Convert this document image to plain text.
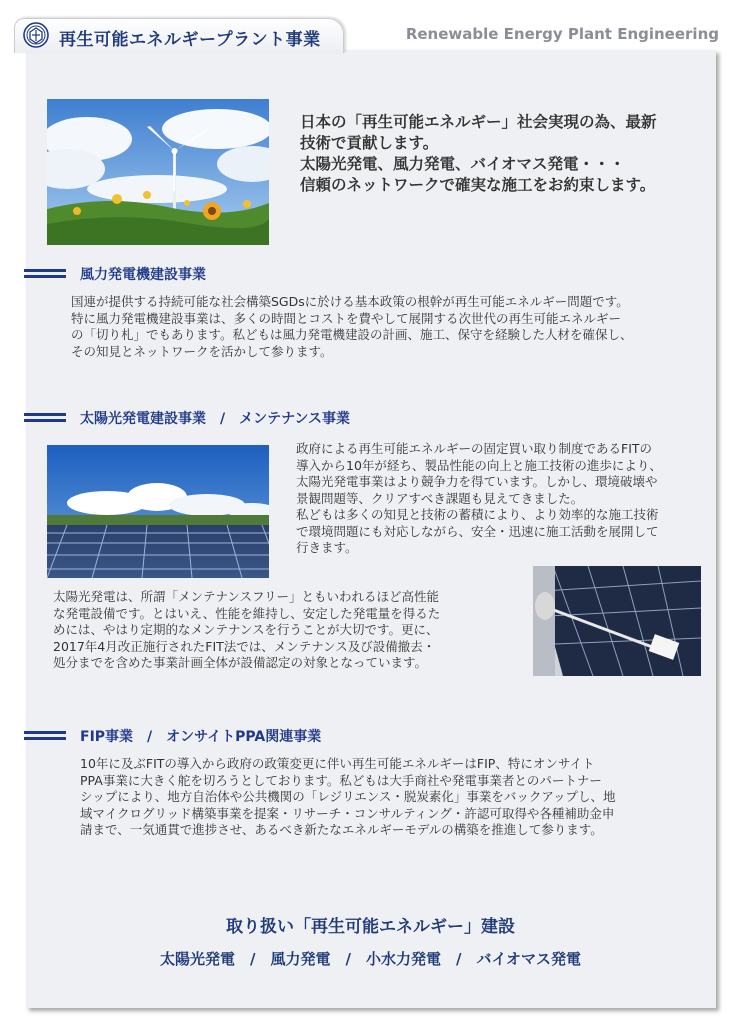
再生可能エネルギープラント事業	Renewable Energy Plant Engineering
日本の「再生可能エネルギー」社会実現の為、最新
技術で貢献します。
太陽光発電、風力発電、バイオマス発電・・・
信頼のネットワークで確実な施工をお約束します。
風力発電機建設事業
国連が提供する持続可能な社会構築SGDsに於ける基本政策の根幹が再生可能エネルギー問題です。
特に風力発電機建設事業は、多くの時間とコストを費やして展開する次世代の再生可能エネルギー
の「切り札」でもあります。私どもは風力発電機建設の計画、施工、保守を経験した人材を確保し、
その知見とネットワークを活かして参ります。
太陽光発電建設事業　/　メンテナンス事業
政府による再生可能エネルギーの固定買い取り制度であるFITの
導入から10年が経ち、製品性能の向上と施工技術の進歩により、
太陽光発電事業はより競争力を得ています。しかし、環境破壊や
景観問題等、クリアすべき課題も見えてきました。
私どもは多くの知見と技術の蓄積により、より効率的な施工技術
で環境問題にも対応しながら、安全・迅速に施工活動を展開して
行きます。
太陽光発電は、所謂「メンテナンスフリー」ともいわれるほど高性能
な発電設備です。とはいえ、性能を維持し、安定した発電量を得るた
めには、やはり定期的なメンテナンスを行うことが大切です。更に、
2017年4月改正施行されたFIT法では、メンテナンス及び設備撤去・
処分までを含めた事業計画全体が設備認定の対象となっています。
FIP事業　/　オンサイトPPA関連事業
10年に及ぶFITの導入から政府の政策変更に伴い再生可能エネルギーはFIP、特にオンサイト
PPA事業に大きく舵を切ろうとしております。私どもは大手商社や発電事業者とのパートナー
シップにより、地方自治体や公共機関の「レジリエンス・脱炭素化」事業をバックアップし、地
域マイクログリッド構築事業を提案・リサーチ・コンサルティング・許認可取得や各種補助金申
請まで、一気通貫で進捗させ、あるべき新たなエネルギーモデルの構築を推進して参ります。
取り扱い「再生可能エネルギー」建設
太陽光発電　/　風力発電　/　小水力発電　/　バイオマス発電
